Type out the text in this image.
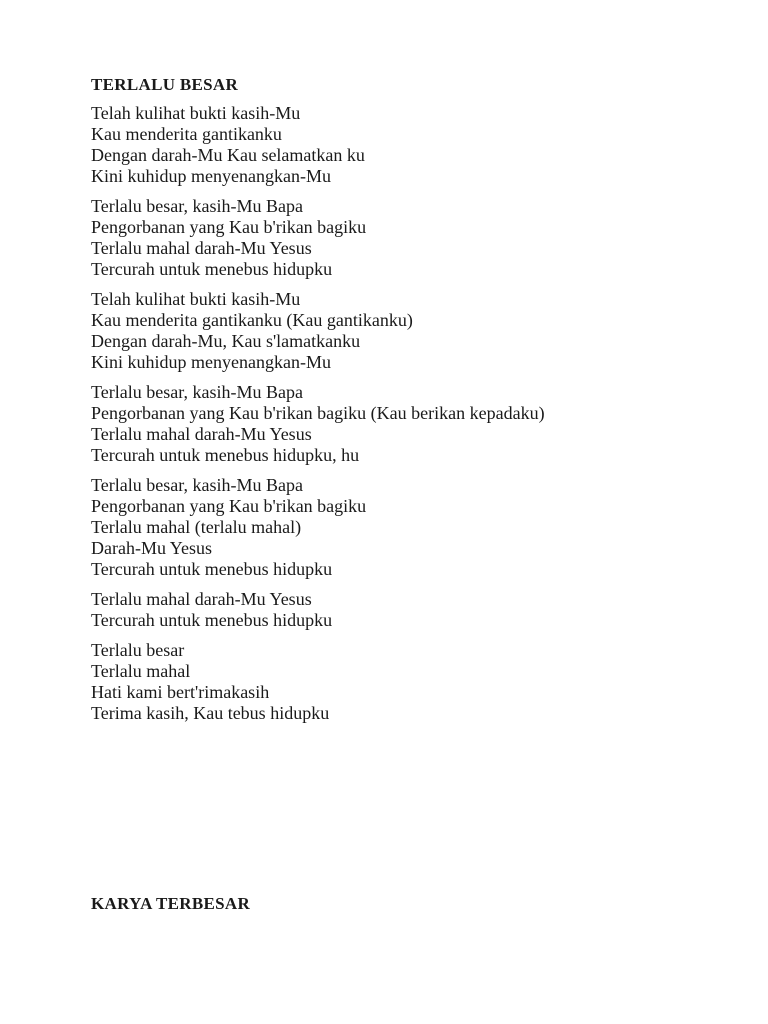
TERLALU BESAR
Telah kulihat bukti kasih-Mu
Kau menderita gantikanku
Dengan darah-Mu Kau selamatkan ku
Kini kuhidup menyenangkan-Mu
Terlalu besar, kasih-Mu Bapa
Pengorbanan yang Kau b'rikan bagiku
Terlalu mahal darah-Mu Yesus
Tercurah untuk menebus hidupku
Telah kulihat bukti kasih-Mu
Kau menderita gantikanku (Kau gantikanku)
Dengan darah-Mu, Kau s'lamatkanku
Kini kuhidup menyenangkan-Mu
Terlalu besar, kasih-Mu Bapa
Pengorbanan yang Kau b'rikan bagiku (Kau berikan kepadaku)
Terlalu mahal darah-Mu Yesus
Tercurah untuk menebus hidupku, hu
Terlalu besar, kasih-Mu Bapa
Pengorbanan yang Kau b'rikan bagiku
Terlalu mahal (terlalu mahal)
Darah-Mu Yesus
Tercurah untuk menebus hidupku
Terlalu mahal darah-Mu Yesus
Tercurah untuk menebus hidupku
Terlalu besar
Terlalu mahal
Hati kami bert'rimakasih
Terima kasih, Kau tebus hidupku
KARYA TERBESAR
